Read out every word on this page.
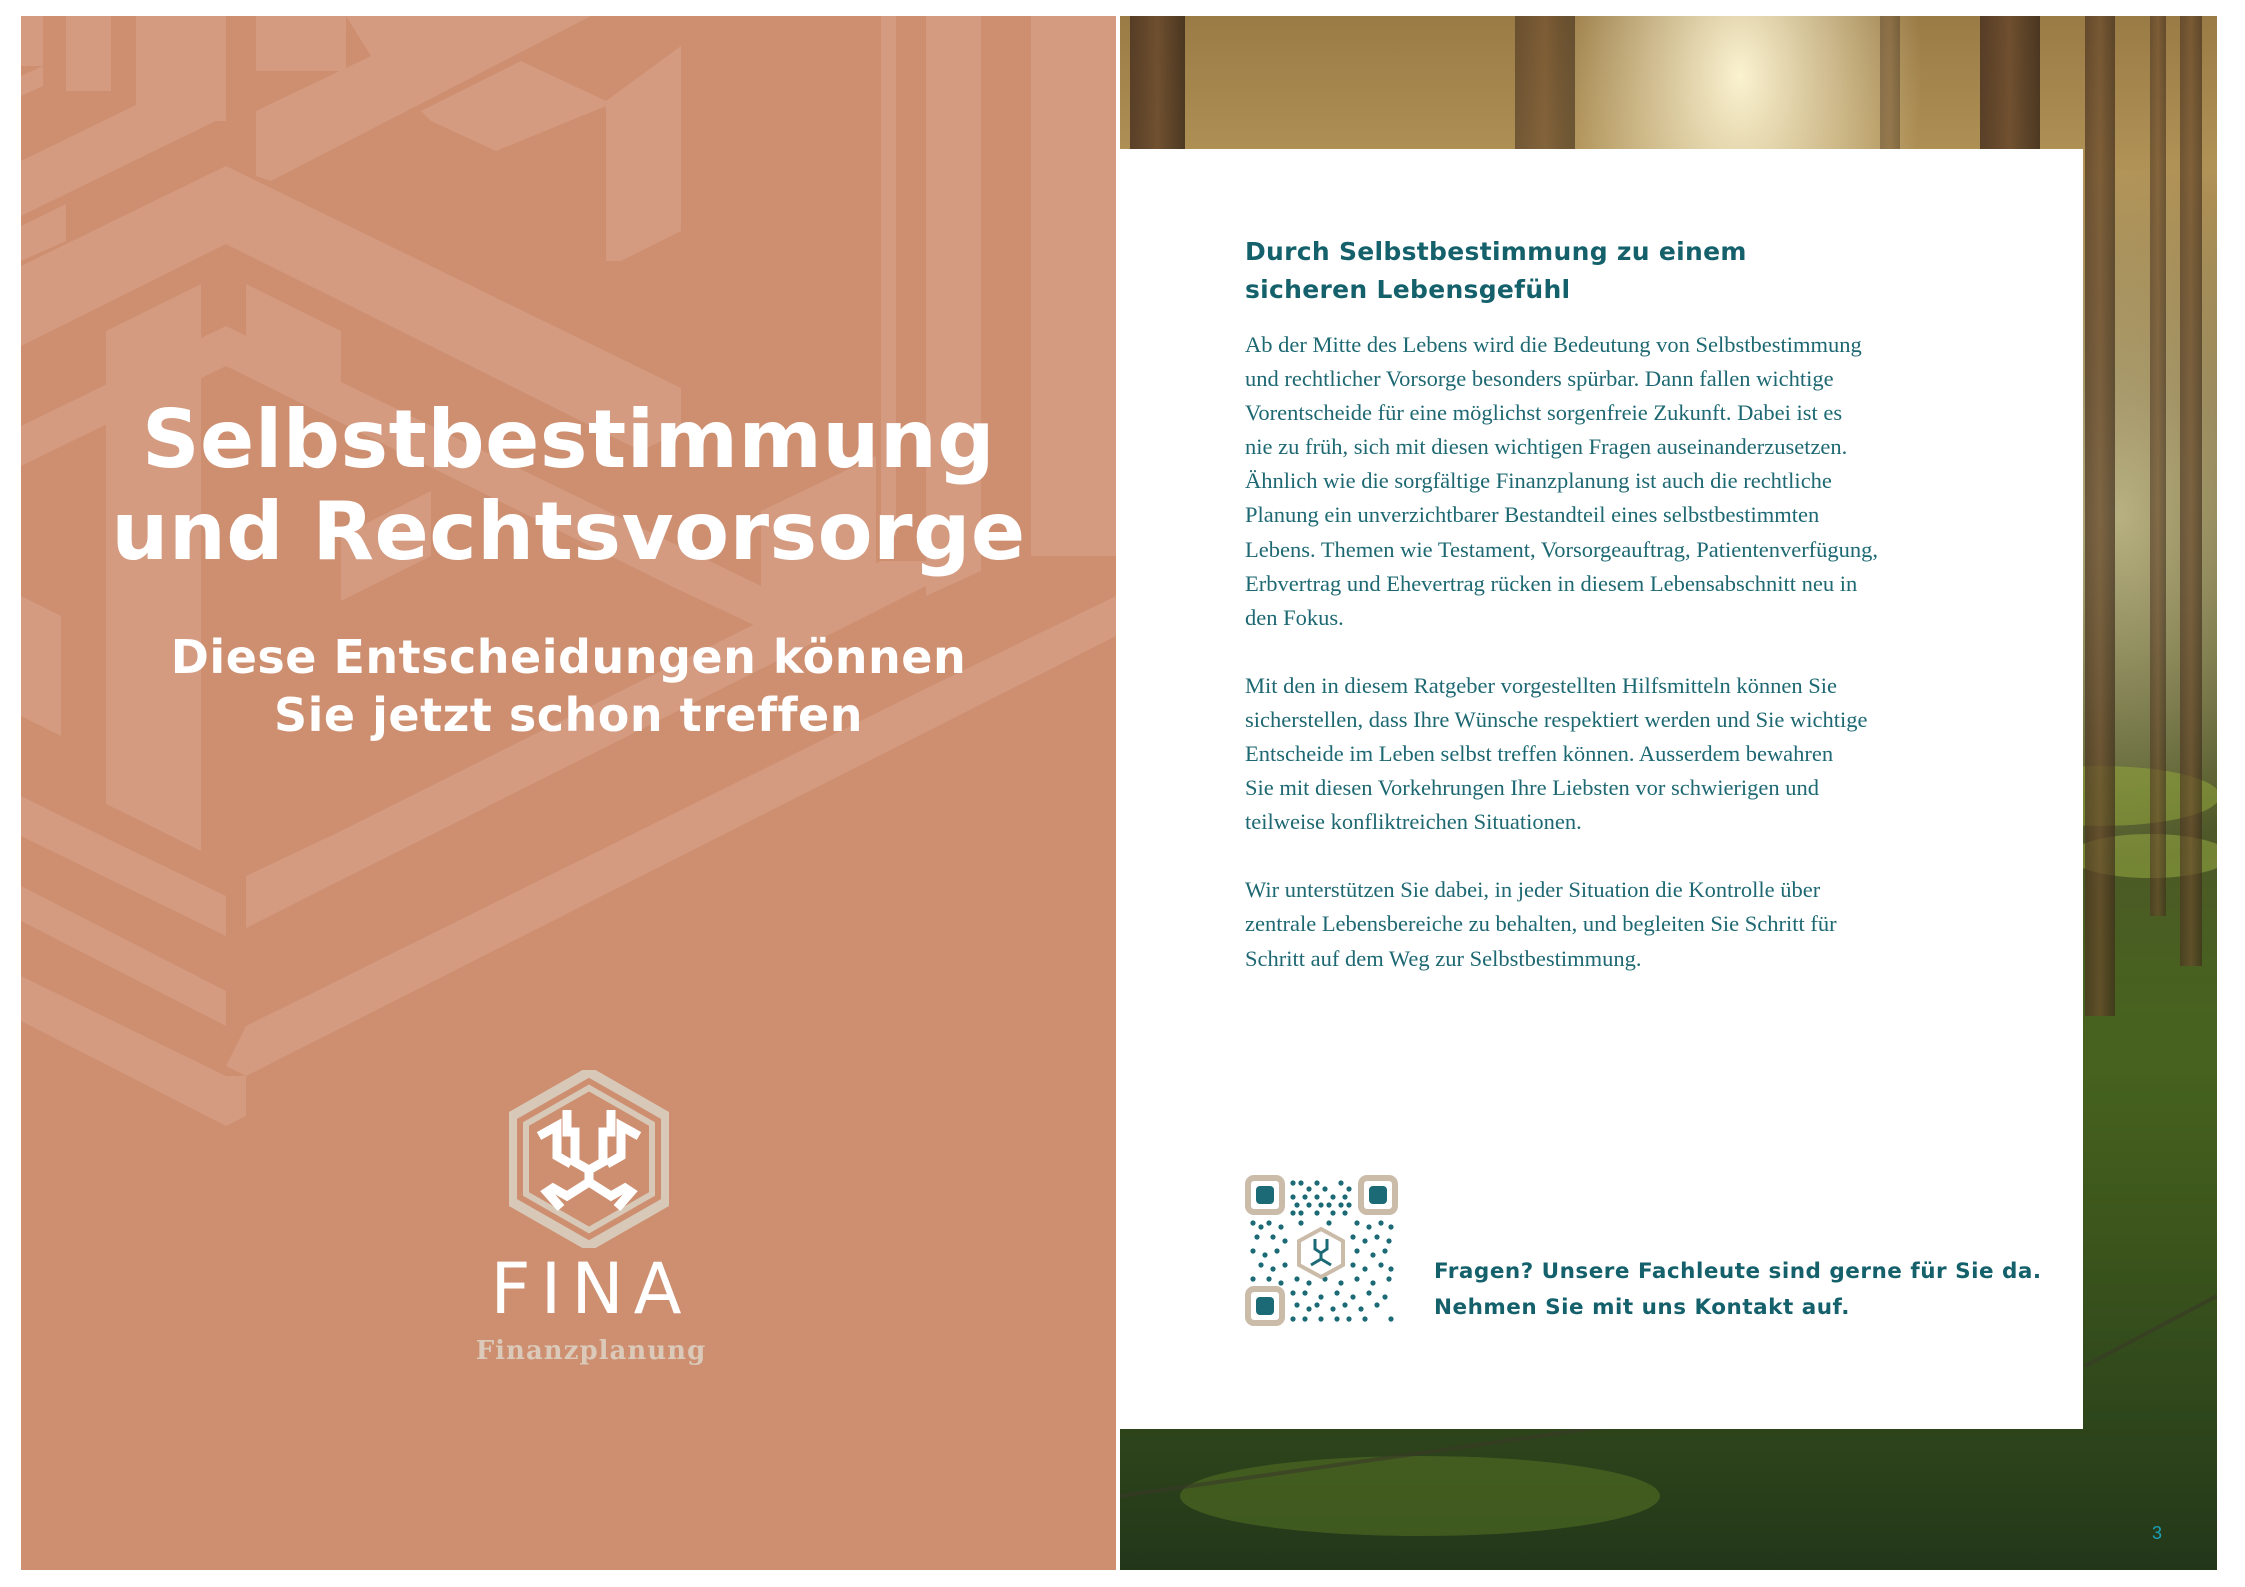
Selbstbestimmung
und Rechtsvorsorge
Diese Entscheidungen können
Sie jetzt schon treffen
FINA
Finanzplanung
Durch Selbstbestimmung zu einem
sicheren Lebensgefühl

Ab der Mitte des Lebens wird die Bedeutung von Selbstbestimmung
und rechtlicher Vorsorge besonders spürbar. Dann fallen wichtige
Vorentscheide für eine möglichst sorgenfreie Zukunft. Dabei ist es
nie zu früh, sich mit diesen wichtigen Fragen auseinanderzusetzen.
Ähnlich wie die sorgfältige Finanzplanung ist auch die rechtliche
Planung ein unverzichtbarer Bestandteil eines selbstbestimmten
Lebens. Themen wie Testament, Vorsorgeauftrag, Patientenverfügung,
Erbvertrag und Ehevertrag rücken in diesem Lebensabschnitt neu in
den Fokus.

Mit den in diesem Ratgeber vorgestellten Hilfsmitteln können Sie
sicherstellen, dass Ihre Wünsche respektiert werden und Sie wichtige
Entscheide im Leben selbst treffen können. Ausserdem bewahren
Sie mit diesen Vorkehrungen Ihre Liebsten vor schwierigen und
teilweise konfliktreichen Situationen.

Wir unterstützen Sie dabei, in jeder Situation die Kontrolle über
zentrale Lebensbereiche zu behalten, und begleiten Sie Schritt für
Schritt auf dem Weg zur Selbstbestimmung.

Fragen? Unsere Fachleute sind gerne für Sie da.
Nehmen Sie mit uns Kontakt auf.
3
